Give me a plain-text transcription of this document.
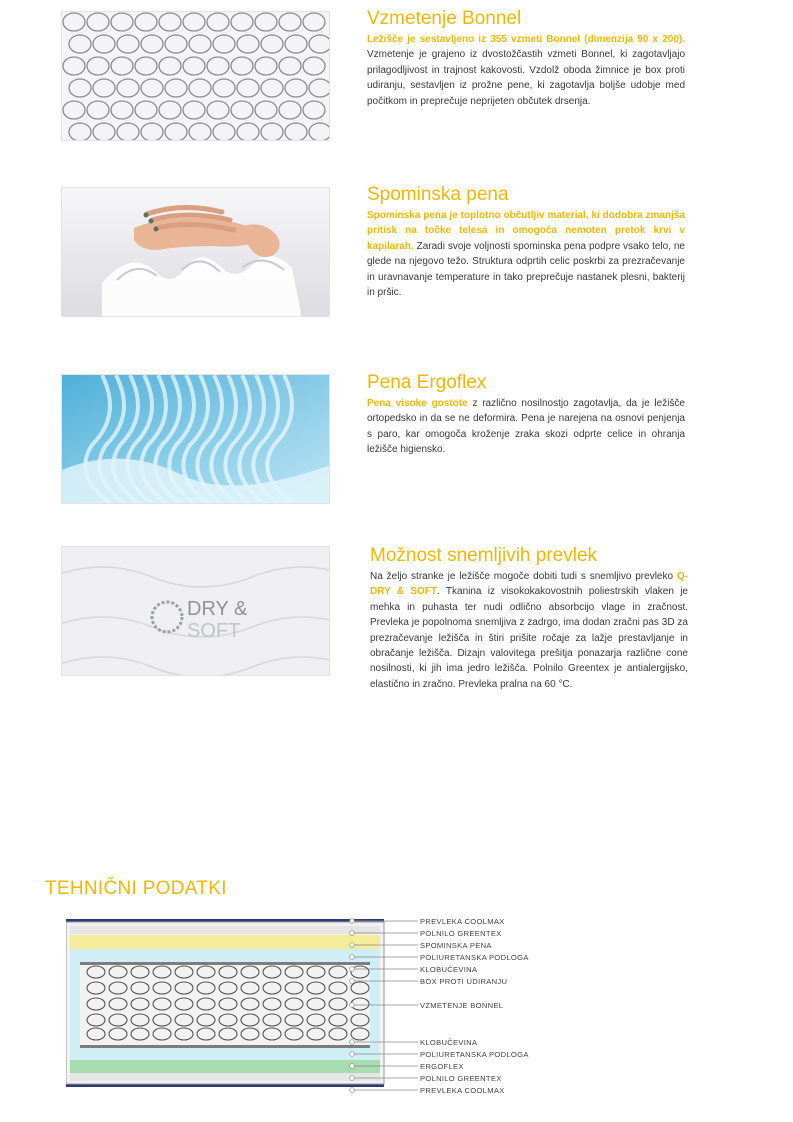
Vzmetenje Bonnel

Ležišče je sestavljeno iz 355 vzmeti Bonnel (dimenzija 90 x 200). Vzmetenje je grajeno iz dvostožčastih vzmeti Bonnel, ki zagotavljajo prilagodljivost in trajnost kakovosti. Vzdolž oboda žimnice je box proti udiranju, sestavljen iz prožne pene, ki zagotavlja boljše udobje med počitkom in preprečuje neprijeten občutek drsenja.

Spominska pena

Spominska pena je toplotno občutljiv material, ki dodobra zmanjša pritisk na točke telesa in omogoča nemoten pretok krvi v kapilarah. Zaradi svoje voljnosti spominska pena podpre vsako telo, ne glede na njegovo težo. Struktura odprtih celic poskrbi za prezračevanje in uravnavanje temperature in tako preprečuje nastanek plesni, bakterij in pršic.

Pena Ergoflex

Pena visoke gostote z različno nosilnostjo zagotavlja, da je ležišče ortopedsko in da se ne deformira. Pena je narejena na osnovi penjenja s paro, kar omogoča kroženje zraka skozi odprte celice in ohranja ležišče higiensko.

DRY &
SOFT
Možnost snemljivih prevlek

Na željo stranke je ležišče mogoče dobiti tudi s snemljivo prevleko Q-DRY & SOFT. Tkanina iz visokokakovostnih poliestrskih vlaken je mehka in puhasta ter nudi odlično absorbcijo vlage in zračnost. Prevleka je popolnoma snemljiva z zadrgo, ima dodan zračni pas 3D za prezračevanje ležišča in štiri prišite ročaje za lažje prestavljanje in obračanje ležišča. Dizajn valovitega prešitja ponazarja različne cone nosilnosti, ki jih ima jedro ležišča. Polnilo Greentex je antialergijsko, elastično in zračno. Prevleka pralna na 60 °C.

TEHNIČNI PODATKI
PREVLEKA COOLMAX
POLNILO GREENTEX
SPOMINSKA PENA
POLIURETANSKA PODLOGA
KLOBUČEVINA
BOX PROTI UDIRANJU
VZMETENJE BONNEL
KLOBUČEVINA
POLIURETANSKA PODLOGA
ERGOFLEX
POLNILO GREENTEX
PREVLEKA COOLMAX
